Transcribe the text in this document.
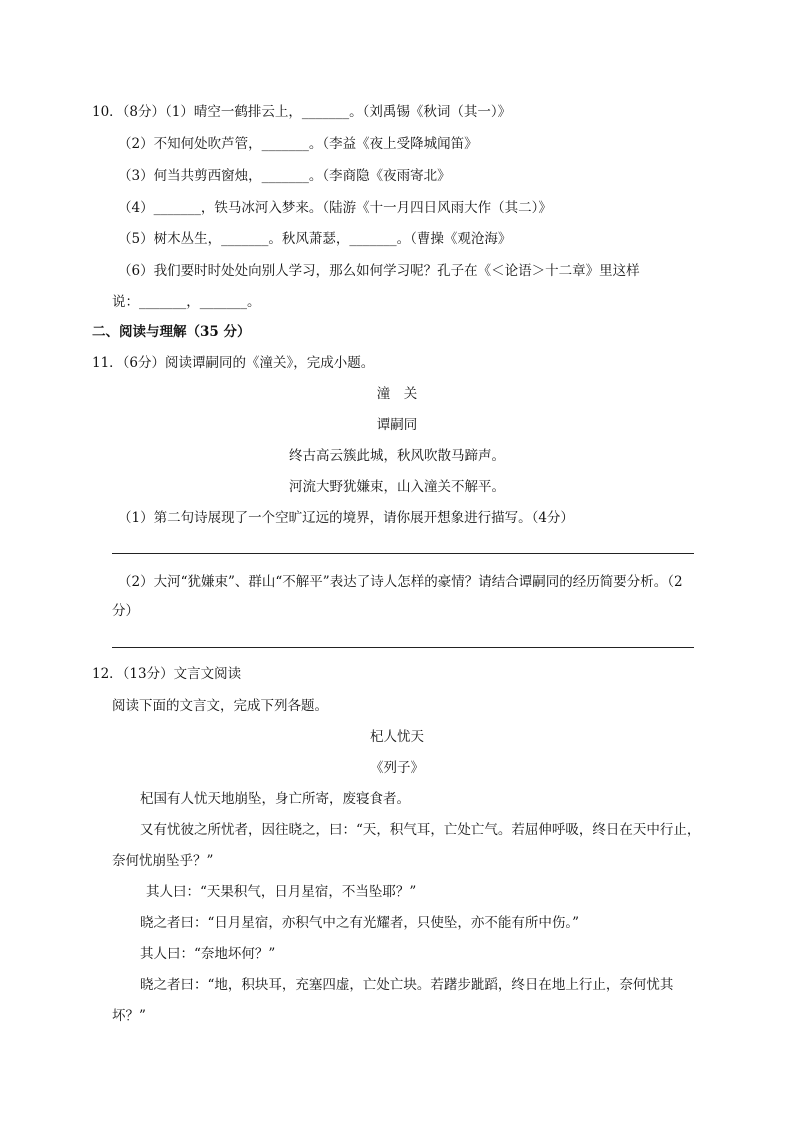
10．（8分）（1）晴空一鹤排云上，_______。（刘禹锡《秋词（其一）》
（2）不知何处吹芦管，_______。（李益《夜上受降城闻笛》
（3）何当共剪西窗烛，_______。（李商隐《夜雨寄北》
（4）_______，铁马冰河入梦来。（陆游《十一月四日风雨大作（其二）》
（5）树木丛生，_______。秋风萧瑟，_______。（曹操《观沧海》
（6）我们要时时处处向别人学习，那么如何学习呢？孔子在《＜论语＞十二章》里这样
说：_______，_______。
二、阅读与理解（35 分）
11．（6分）阅读谭嗣同的《潼关》，完成小题。
潼　关
谭嗣同
终古高云簇此城，秋风吹散马蹄声。
河流大野犹嫌束，山入潼关不解平。
（1）第二句诗展现了一个空旷辽远的境界，请你展开想象进行描写。（4分）
（2）大河“犹嫌束”、群山“不解平”表达了诗人怎样的豪情？请结合谭嗣同的经历简要分析。（2
分）
12．（13分）文言文阅读
阅读下面的文言文，完成下列各题。
杞人忧天
《列子》
杞国有人忧天地崩坠，身亡所寄，废寝食者。
又有忧彼之所忧者，因往晓之，曰：“天，积气耳，亡处亡气。若屈伸呼吸，终日在天中行止，
奈何忧崩坠乎？”
其人曰：“天果积气，日月星宿，不当坠耶？”
晓之者曰：“日月星宿，亦积气中之有光耀者，只使坠，亦不能有所中伤。”
其人曰：“奈地坏何？”
晓之者曰：“地，积块耳，充塞四虚，亡处亡块。若躇步跐蹈，终日在地上行止，奈何忧其
坏？”
